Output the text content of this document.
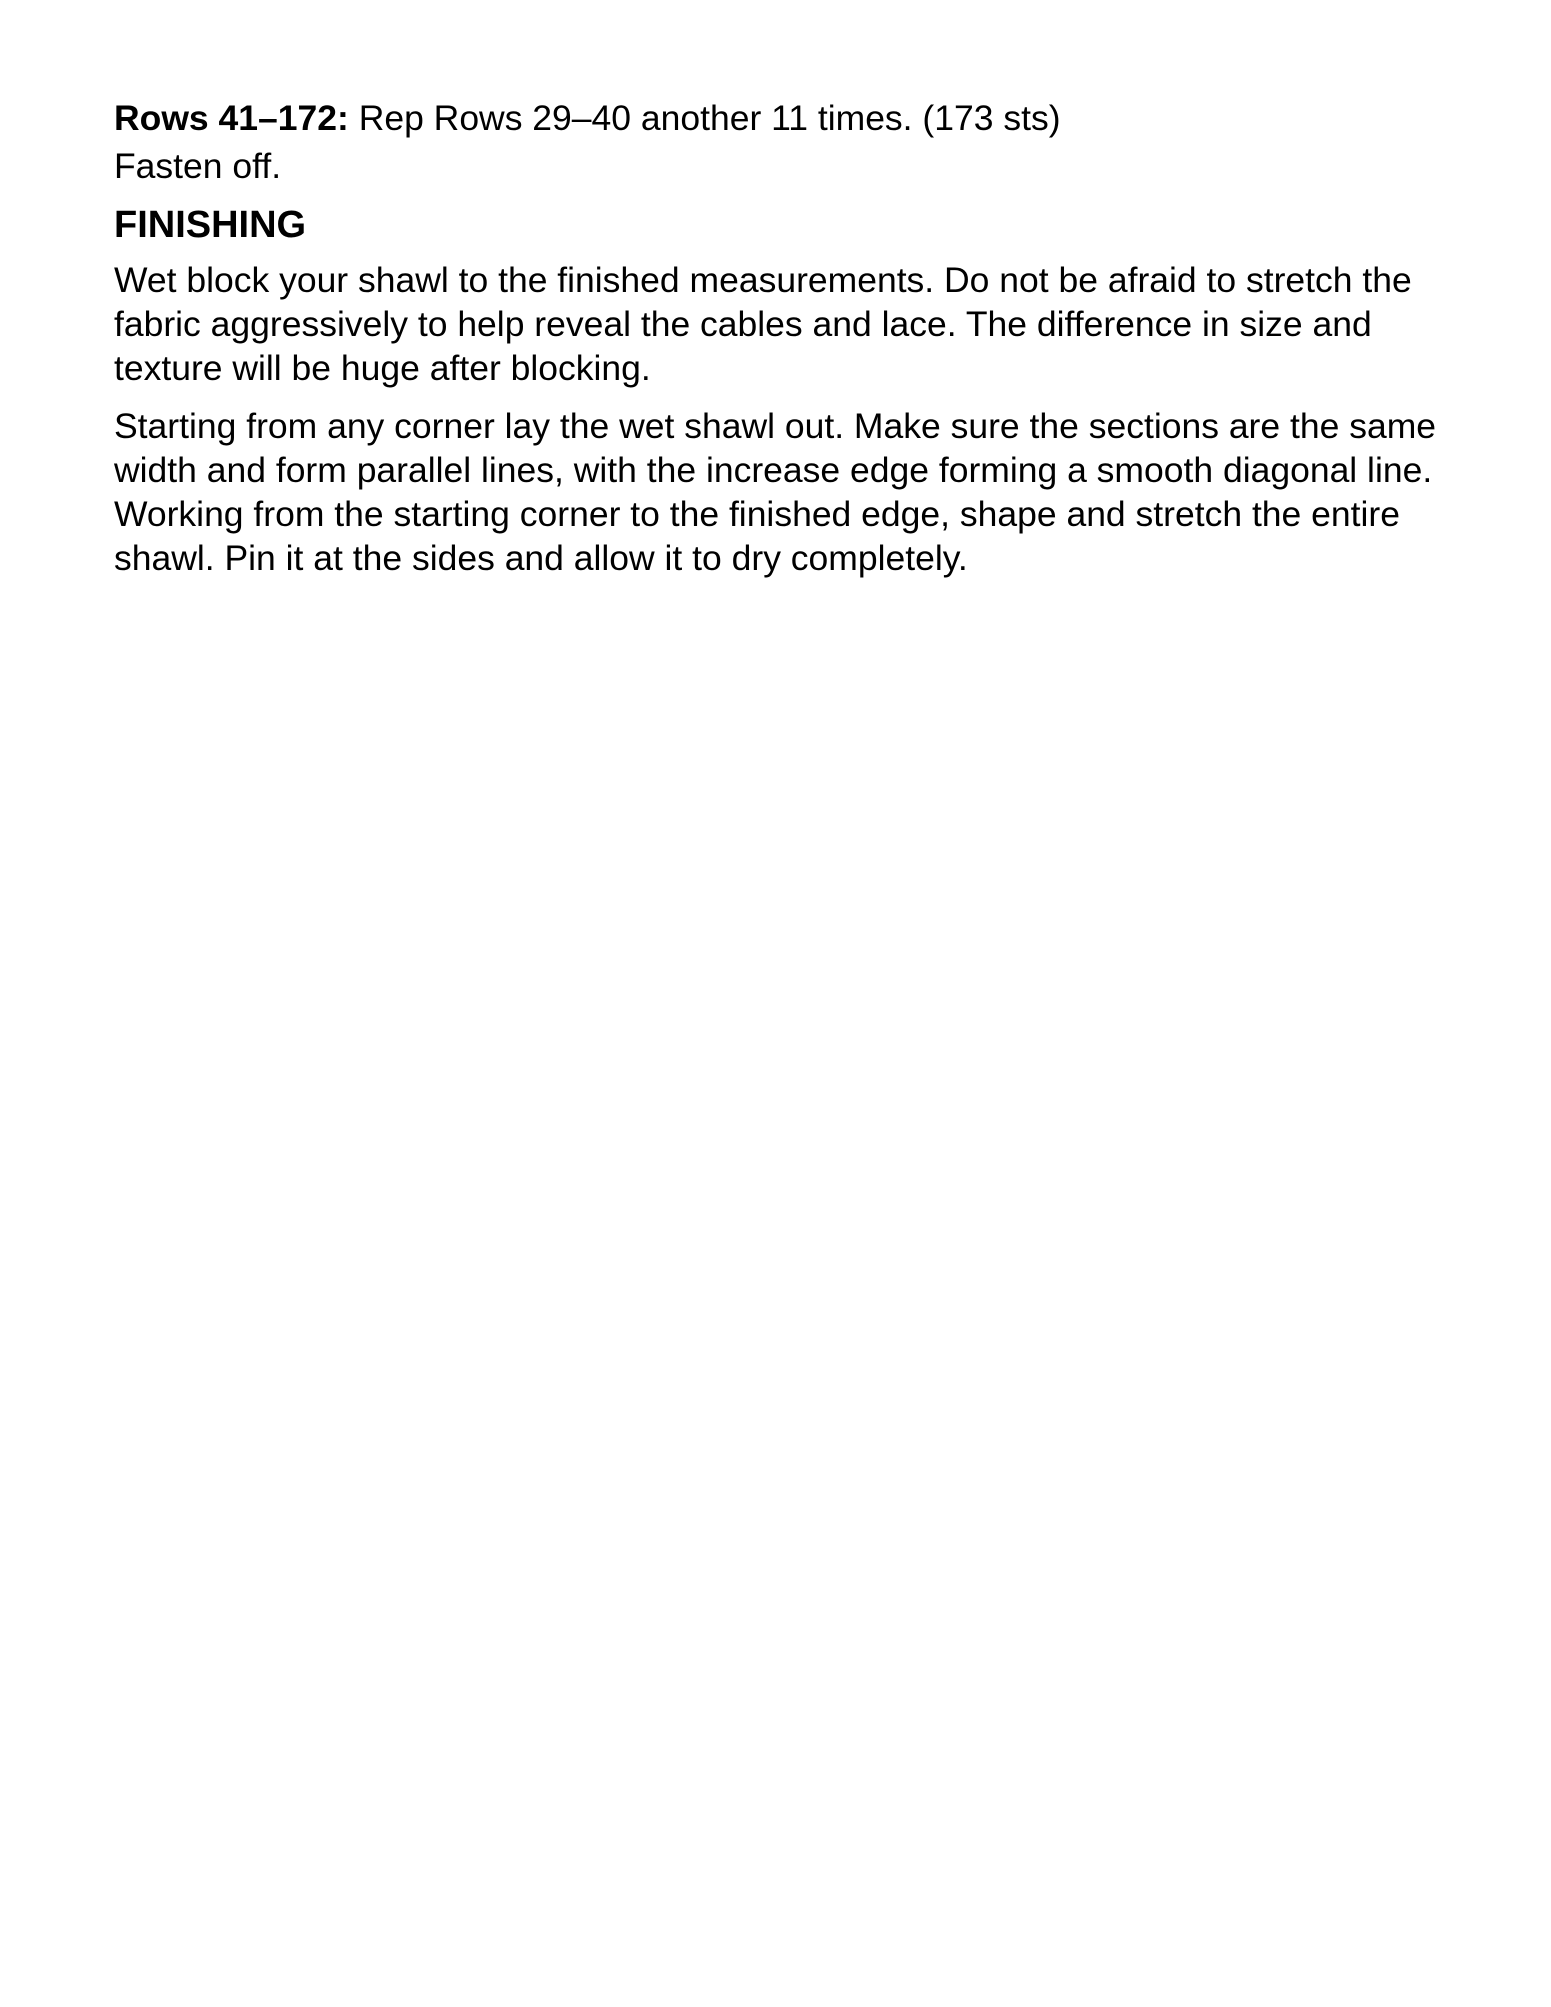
Rows 41–172: Rep Rows 29–40 another 11 times. (173 sts)

Fasten off.

FINISHING

Wet block your shawl to the finished measurements. Do not be afraid to stretch the fabric aggressively to help reveal the cables and lace. The difference in size and texture will be huge after blocking.

Starting from any corner lay the wet shawl out. Make sure the sections are the same width and form parallel lines, with the increase edge forming a smooth diagonal line. Working from the starting corner to the finished edge, shape and stretch the entire shawl. Pin it at the sides and allow it to dry completely.
